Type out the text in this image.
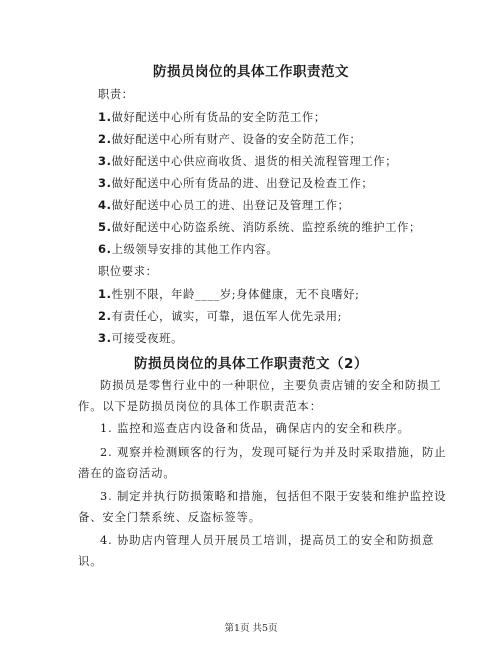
防损员岗位的具体工作职责范文
职责：
1.做好配送中心所有货品的安全防范工作；
2.做好配送中心所有财产、设备的安全防范工作；
3.做好配送中心供应商收货、退货的相关流程管理工作；
3.做好配送中心所有货品的进、出登记及检查工作；
4.做好配送中心员工的进、出登记及管理工作；
5.做好配送中心防盗系统、消防系统、监控系统的维护工作；
6.上级领导安排的其他工作内容。
职位要求：
1.性别不限，年龄____岁;身体健康，无不良嗜好;
2.有责任心，诚实，可靠，退伍军人优先录用;
3.可接受夜班。
防损员岗位的具体工作职责范文（2）
防损员是零售行业中的一种职位，主要负责店铺的安全和防损工作。以下是防损员岗位的具体工作职责范本：
1. 监控和巡查店内设备和货品，确保店内的安全和秩序。
2. 观察并检测顾客的行为，发现可疑行为并及时采取措施，防止潜在的盗窃活动。
3. 制定并执行防损策略和措施，包括但不限于安装和维护监控设备、安全门禁系统、反盗标签等。
4. 协助店内管理人员开展员工培训，提高员工的安全和防损意识。
第1页 共5页
